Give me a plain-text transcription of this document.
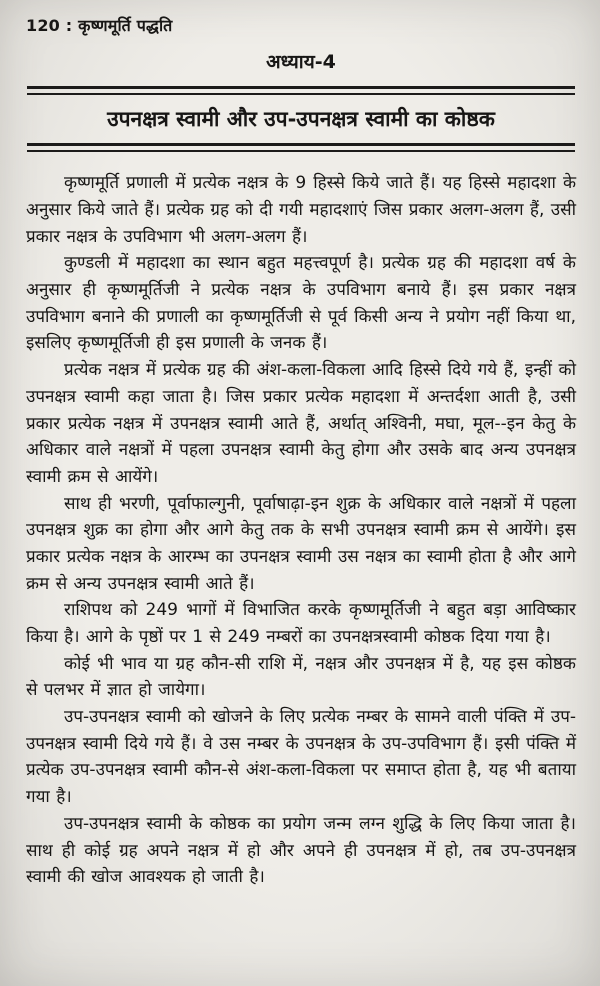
120 : कृष्णमूर्ति पद्धति
अध्याय-4
उपनक्षत्र स्वामी और उप-उपनक्षत्र स्वामी का कोष्ठक

कृष्णमूर्ति प्रणाली में प्रत्येक नक्षत्र के 9 हिस्से किये जाते हैं। यह हिस्से महादशा के अनुसार किये जाते हैं। प्रत्येक ग्रह को दी गयी महादशाएं जिस प्रकार अलग-अलग हैं, उसी प्रकार नक्षत्र के उपविभाग भी अलग-अलग हैं।

कुण्डली में महादशा का स्थान बहुत महत्त्वपूर्ण है। प्रत्येक ग्रह की महादशा वर्ष के अनुसार ही कृष्णमूर्तिजी ने प्रत्येक नक्षत्र के उपविभाग बनाये हैं। इस प्रकार नक्षत्र उपविभाग बनाने की प्रणाली का कृष्णमूर्तिजी से पूर्व किसी अन्य ने प्रयोग नहीं किया था, इसलिए कृष्णमूर्तिजी ही इस प्रणाली के जनक हैं।

प्रत्येक नक्षत्र में प्रत्येक ग्रह की अंश-कला-विकला आदि हिस्से दिये गये हैं, इन्हीं को उपनक्षत्र स्वामी कहा जाता है। जिस प्रकार प्रत्येक महादशा में अन्तर्दशा आती है, उसी प्रकार प्रत्येक नक्षत्र में उपनक्षत्र स्वामी आते हैं, अर्थात् अश्विनी, मघा, मूल--इन केतु के अधिकार वाले नक्षत्रों में पहला उपनक्षत्र स्वामी केतु होगा और उसके बाद अन्य उपनक्षत्र स्वामी क्रम से आयेंगे।

साथ ही भरणी, पूर्वाफाल्गुनी, पूर्वाषाढ़ा-इन शुक्र के अधिकार वाले नक्षत्रों में पहला उपनक्षत्र शुक्र का होगा और आगे केतु तक के सभी उपनक्षत्र स्वामी क्रम से आयेंगे। इस प्रकार प्रत्येक नक्षत्र के आरम्भ का उपनक्षत्र स्वामी उस नक्षत्र का स्वामी होता है और आगे क्रम से अन्य उपनक्षत्र स्वामी आते हैं।

राशिपथ को 249 भागों में विभाजित करके कृष्णमूर्तिजी ने बहुत बड़ा आविष्कार किया है। आगे के पृष्ठों पर 1 से 249 नम्बरों का उपनक्षत्रस्वामी कोष्ठक दिया गया है।

कोई भी भाव या ग्रह कौन-सी राशि में, नक्षत्र और उपनक्षत्र में है, यह इस कोष्ठक से पलभर में ज्ञात हो जायेगा।

उप-उपनक्षत्र स्वामी को खोजने के लिए प्रत्येक नम्बर के सामने वाली पंक्ति में उप-उपनक्षत्र स्वामी दिये गये हैं। वे उस नम्बर के उपनक्षत्र के उप-उपविभाग हैं। इसी पंक्ति में प्रत्येक उप-उपनक्षत्र स्वामी कौन-से अंश-कला-विकला पर समाप्त होता है, यह भी बताया गया है।

उप-उपनक्षत्र स्वामी के कोष्ठक का प्रयोग जन्म लग्न शुद्धि के लिए किया जाता है। साथ ही कोई ग्रह अपने नक्षत्र में हो और अपने ही उपनक्षत्र में हो, तब उप-उपनक्षत्र स्वामी की खोज आवश्यक हो जाती है।
